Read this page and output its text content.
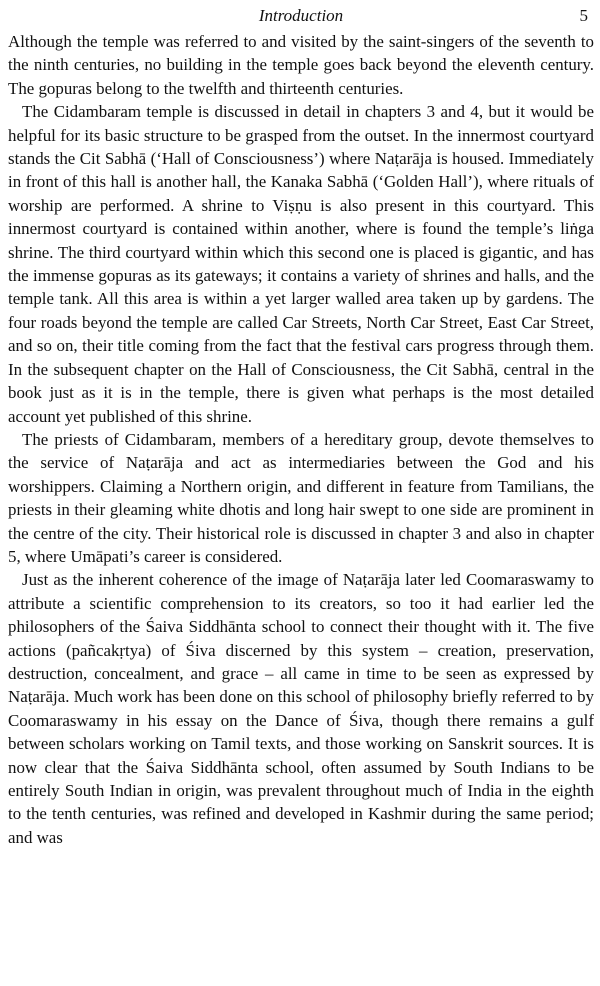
Introduction	5

Although the temple was referred to and visited by the saint-singers of the seventh to the ninth centuries, no building in the temple goes back beyond the eleventh century. The gopuras belong to the twelfth and thirteenth centuries.

The Cidambaram temple is discussed in detail in chapters 3 and 4, but it would be helpful for its basic structure to be grasped from the outset. In the innermost courtyard stands the Cit Sabhā (‘Hall of Consciousness’) where Naṭarāja is housed. Immediately in front of this hall is another hall, the Kanaka Sabhā (‘Golden Hall’), where rituals of worship are performed. A shrine to Viṣṇu is also present in this courtyard. This innermost courtyard is contained within another, where is found the temple’s liṅga shrine. The third courtyard within which this second one is placed is gigantic, and has the immense gopuras as its gateways; it contains a variety of shrines and halls, and the temple tank. All this area is within a yet larger walled area taken up by gardens. The four roads beyond the temple are called Car Streets, North Car Street, East Car Street, and so on, their title coming from the fact that the festival cars progress through them. In the subsequent chapter on the Hall of Consciousness, the Cit Sabhā, central in the book just as it is in the temple, there is given what perhaps is the most detailed account yet published of this shrine.

The priests of Cidambaram, members of a hereditary group, devote themselves to the service of Naṭarāja and act as intermediaries between the God and his worshippers. Claiming a Northern origin, and different in feature from Tamilians, the priests in their gleaming white dhotis and long hair swept to one side are prominent in the centre of the city. Their historical role is discussed in chapter 3 and also in chapter 5, where Umāpati’s career is considered.

Just as the inherent coherence of the image of Naṭarāja later led Coomaraswamy to attribute a scientific comprehension to its creators, so too it had earlier led the philosophers of the Śaiva Siddhānta school to connect their thought with it. The five actions (pañcakṛtya) of Śiva discerned by this system – creation, preservation, destruction, concealment, and grace – all came in time to be seen as expressed by Naṭarāja. Much work has been done on this school of philosophy briefly referred to by Coomaraswamy in his essay on the Dance of Śiva, though there remains a gulf between scholars working on Tamil texts, and those working on Sanskrit sources. It is now clear that the Śaiva Siddhānta school, often assumed by South Indians to be entirely South Indian in origin, was prevalent throughout much of India in the eighth to the tenth centuries, was refined and developed in Kashmir during the same period; and was
